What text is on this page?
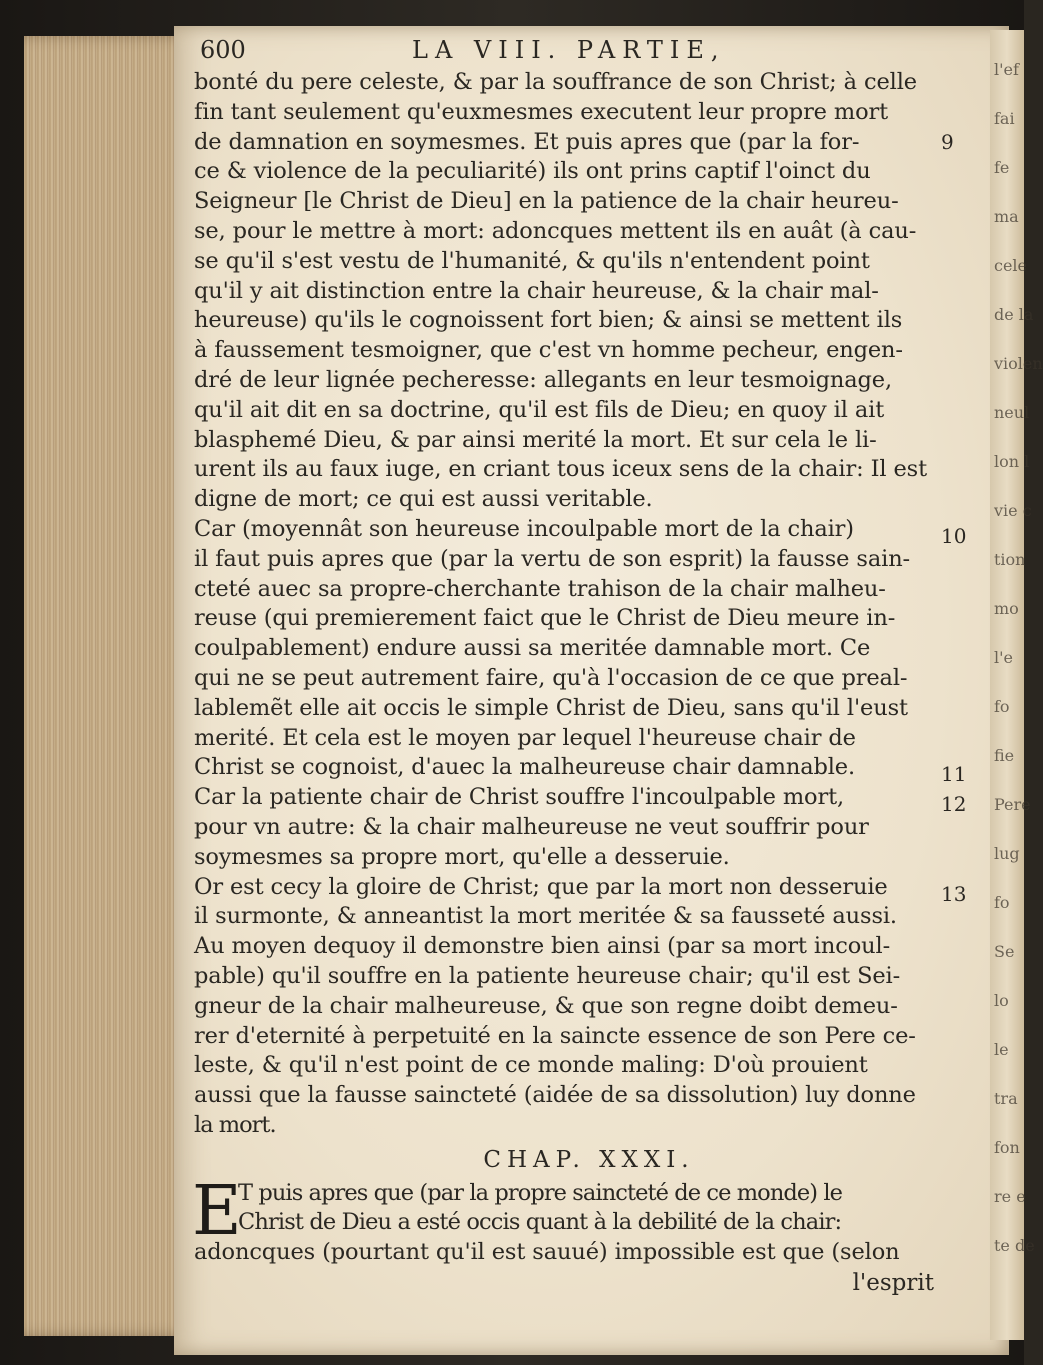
l'ef
fai
fe
ma
cele
de la
violen
neul
lon l
vie c
tion
mo
l'e
fo
fie
Pere
lug
fo
Se
lo
le
tra
fon
re e
te de
600	LA VIII. PARTIE,
bonté du pere celeste, & par la souffrance de son Christ; à celle
fin tant seulement qu'euxmesmes executent leur propre mort
de damnation en soymesmes. Et puis apres que (par la for-
ce & violence de la peculiarité) ils ont prins captif l'oinct du
Seigneur [le Christ de Dieu] en la patience de la chair heureu-
se, pour le mettre à mort: adoncques mettent ils en auât (à cau-
se qu'il s'est vestu de l'humanité, & qu'ils n'entendent point
qu'il y ait distinction entre la chair heureuse, & la chair mal-
heureuse) qu'ils le cognoissent fort bien; & ainsi se mettent ils
à faussement tesmoigner, que c'est vn homme pecheur, engen-
dré de leur lignée pecheresse: allegants en leur tesmoignage,
qu'il ait dit en sa doctrine, qu'il est fils de Dieu; en quoy il ait
blasphemé Dieu, & par ainsi merité la mort. Et sur cela le li-
urent ils au faux iuge, en criant tous iceux sens de la chair: Il est
digne de mort; ce qui est aussi veritable.
Car (moyennât son heureuse incoulpable mort de la chair)
il faut puis apres que (par la vertu de son esprit) la fausse sain-
cteté auec sa propre-cherchante trahison de la chair malheu-
reuse (qui premierement faict que le Christ de Dieu meure in-
coulpablement) endure aussi sa meritée damnable mort. Ce
qui ne se peut autrement faire, qu'à l'occasion de ce que preal-
lablemẽt elle ait occis le simple Christ de Dieu, sans qu'il l'eust
merité. Et cela est le moyen par lequel l'heureuse chair de
Christ se cognoist, d'auec la malheureuse chair damnable.
Car la patiente chair de Christ souffre l'incoulpable mort,
pour vn autre: & la chair malheureuse ne veut souffrir pour
soymesmes sa propre mort, qu'elle a desseruie.
Or est cecy la gloire de Christ; que par la mort non desseruie
il surmonte, & anneantist la mort meritée & sa fausseté aussi.
Au moyen dequoy il demonstre bien ainsi (par sa mort incoul-
pable) qu'il souffre en la patiente heureuse chair; qu'il est Sei-
gneur de la chair malheureuse, & que son regne doibt demeu-
rer d'eternité à perpetuité en la saincte essence de son Pere ce-
leste, & qu'il n'est point de ce monde maling: D'où prouient
aussi que la fausse saincteté (aidée de sa dissolution) luy donne
la mort.
CHAP. XXXI.
E
T puis apres que (par la propre saincteté de ce monde) le
Christ de Dieu a esté occis quant à la debilité de la chair:
adoncques (pourtant qu'il est sauué) impossible est que (selon
l'esprit
9
10
11
12
13
